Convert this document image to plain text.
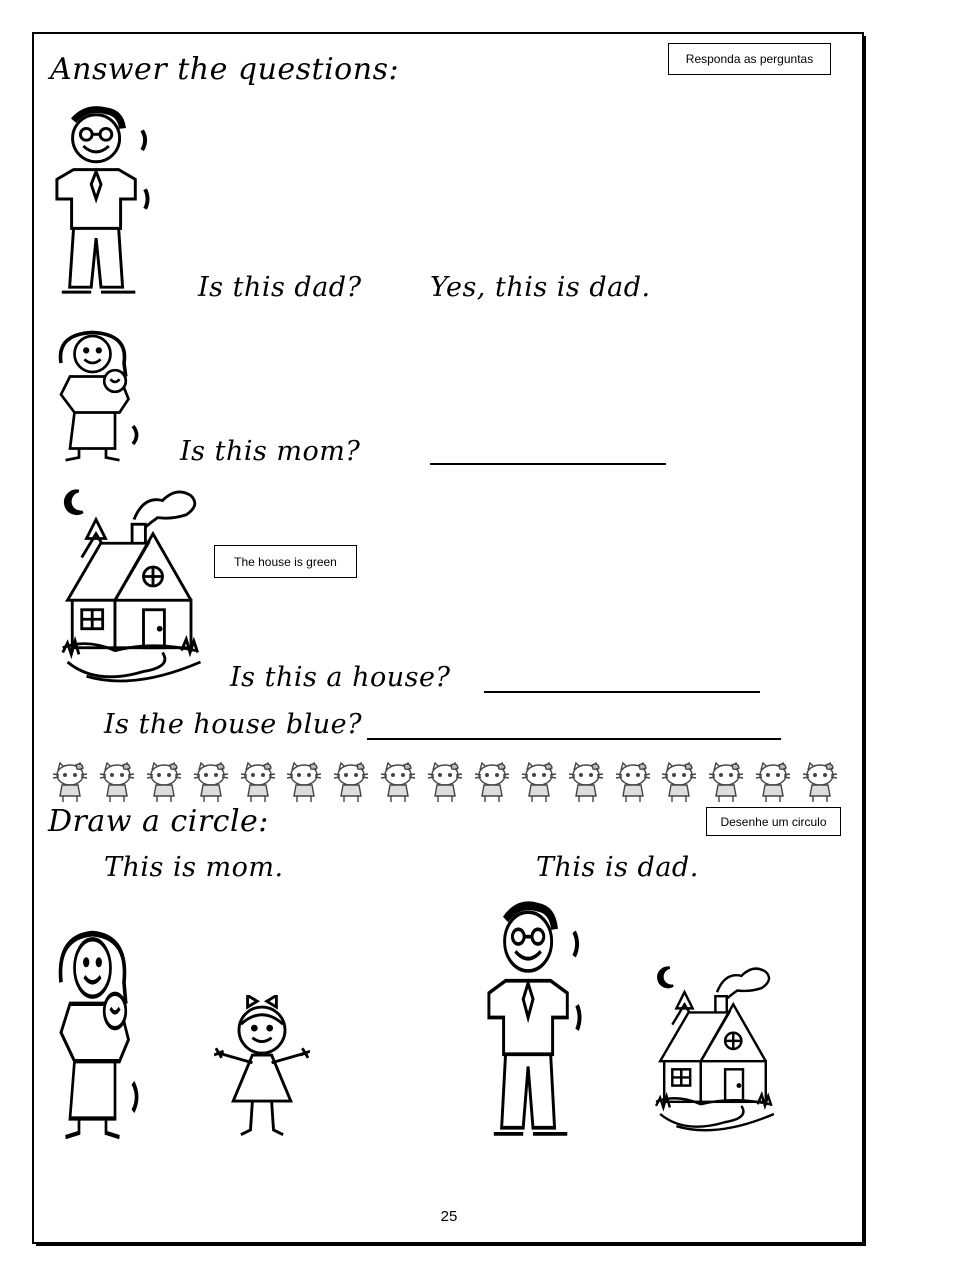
Answer the questions:	Responda as perguntas
Is this dad?	Yes, this is dad.
Is this mom?
The house is green
Is this a house?
Is the house blue?
Draw a circle:	Desenhe um circulo
This is mom.	This is dad.
25
